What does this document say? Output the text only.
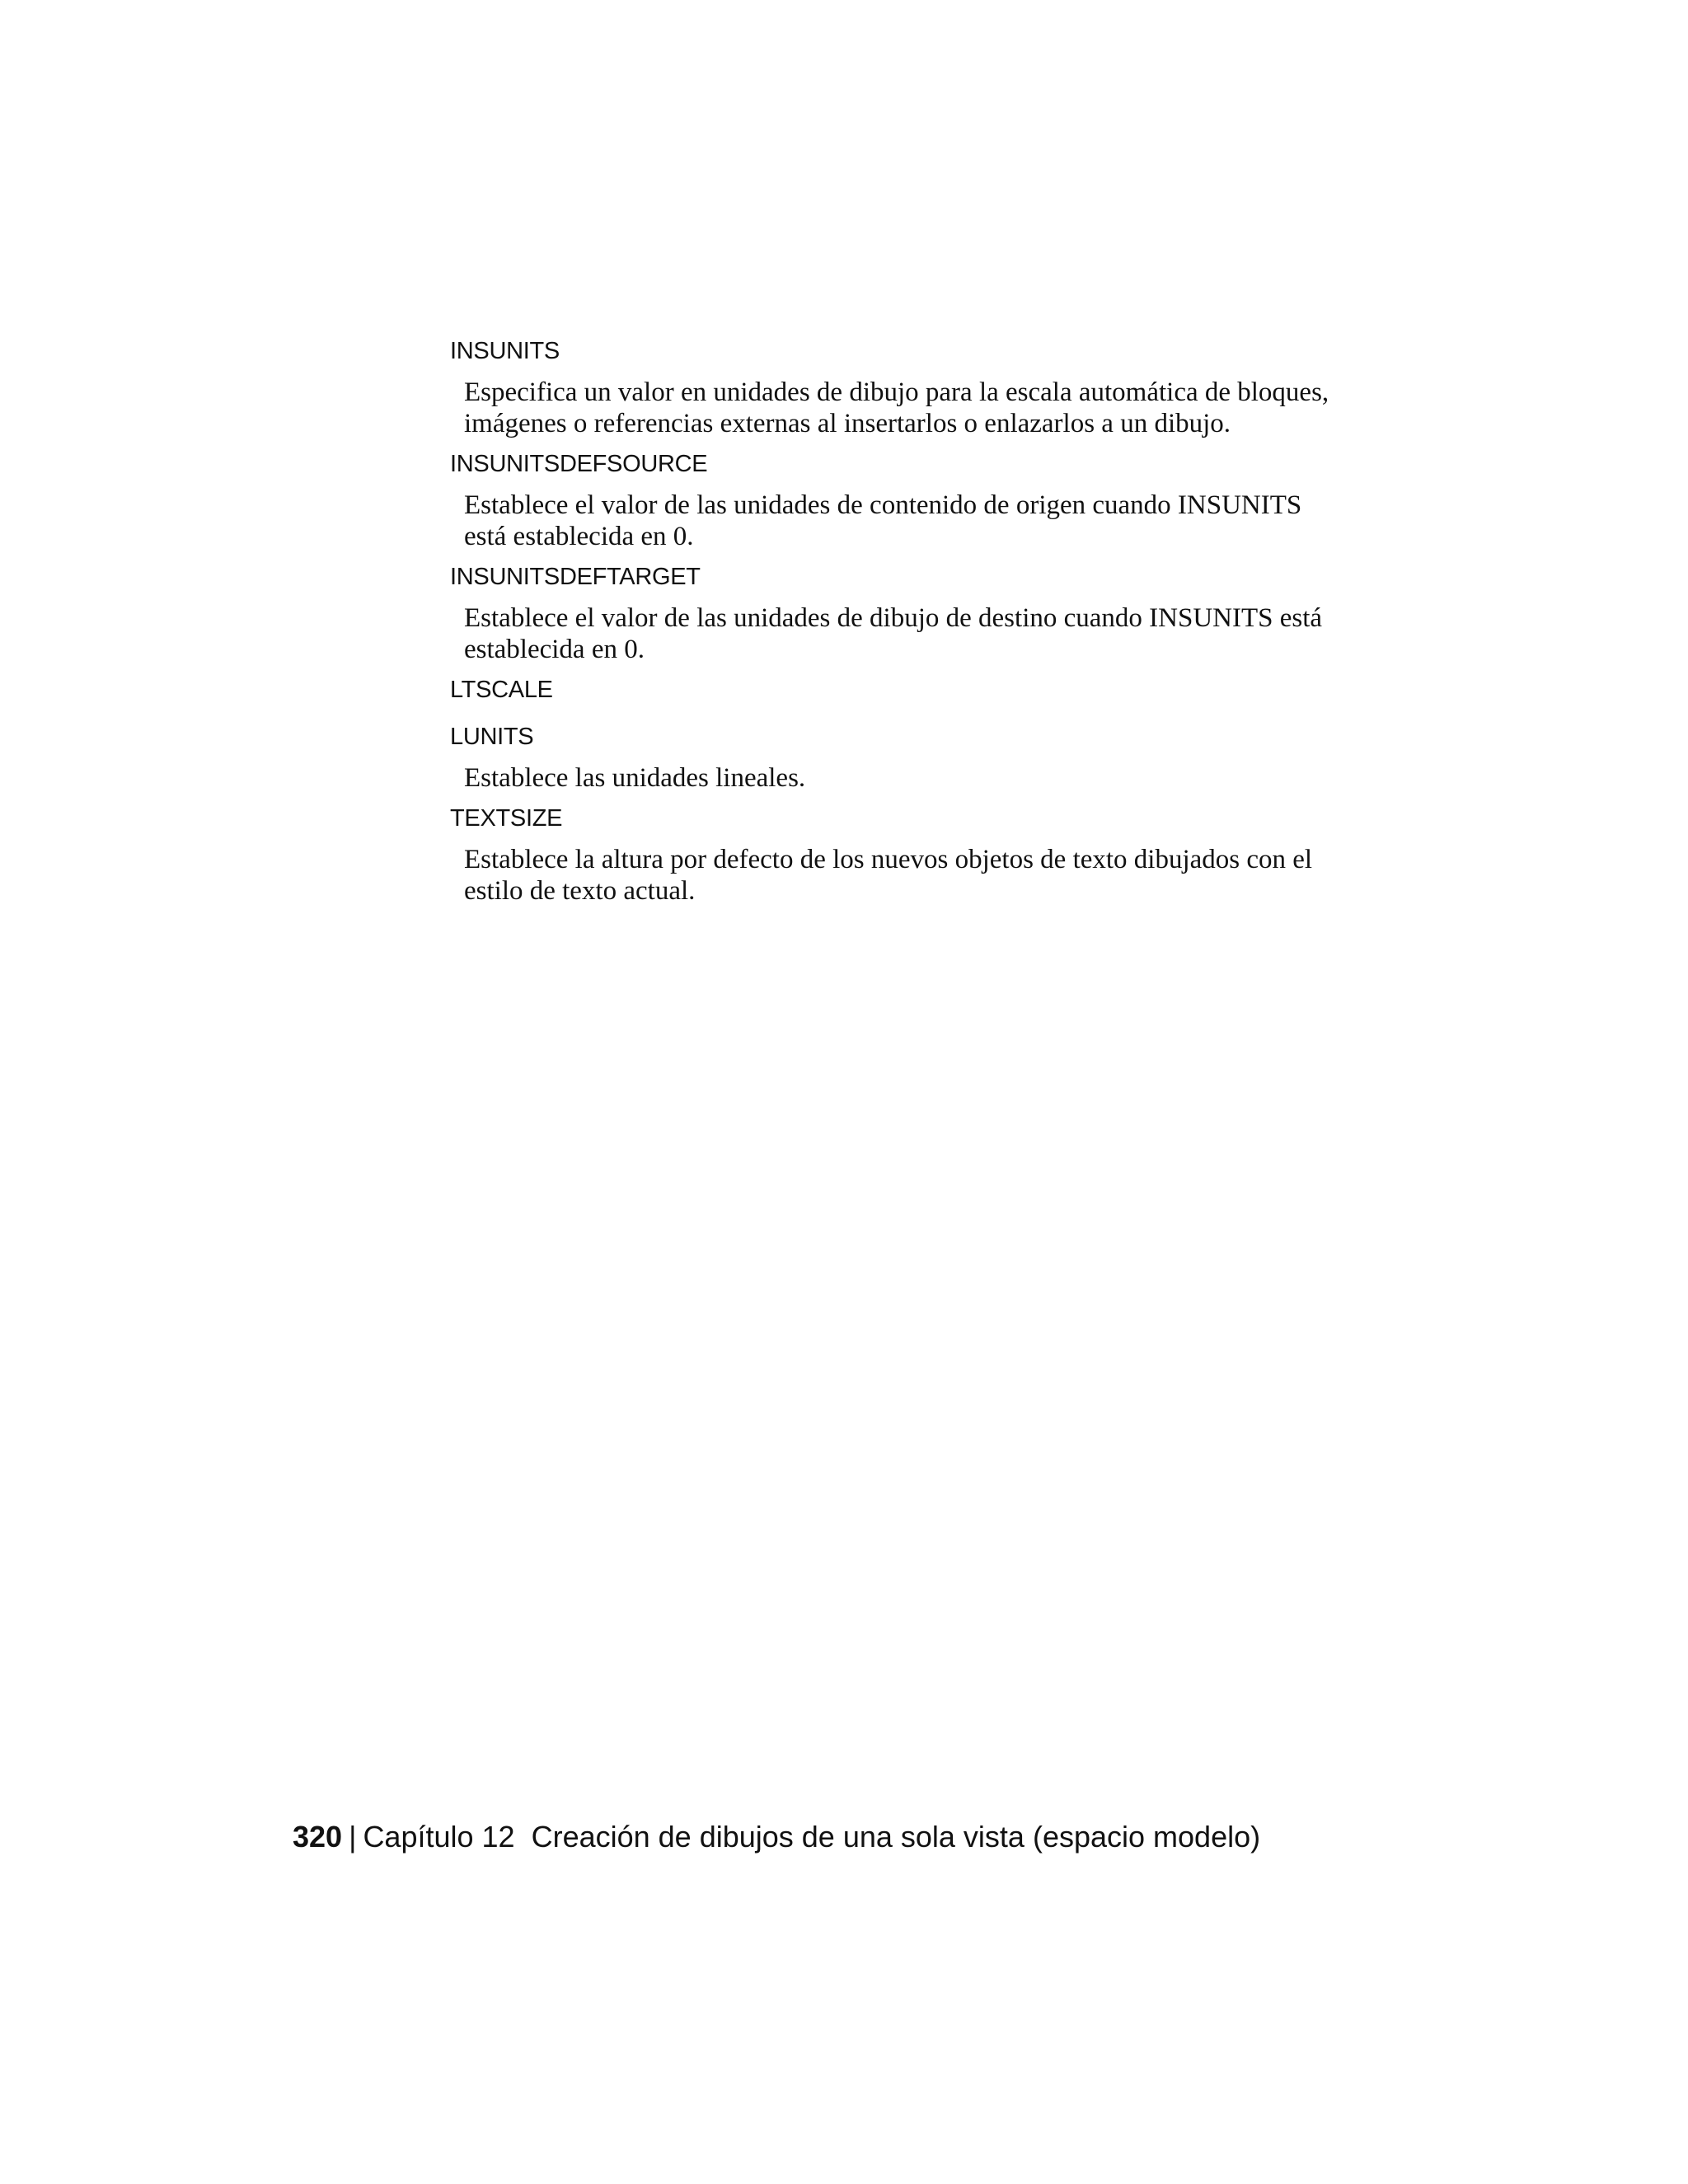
INSUNITS

Especifica un valor en unidades de dibujo para la escala automática de bloques, imágenes o referencias externas al insertarlos o enlazarlos a un dibujo.

INSUNITSDEFSOURCE

Establece el valor de las unidades de contenido de origen cuando INSUNITS está establecida en 0.

INSUNITSDEFTARGET

Establece el valor de las unidades de dibujo de destino cuando INSUNITS está establecida en 0.

LTSCALE

LUNITS

Establece las unidades lineales.

TEXTSIZE

Establece la altura por defecto de los nuevos objetos de texto dibujados con el estilo de texto actual.

320 | Capítulo 12 Creación de dibujos de una sola vista (espacio modelo)
